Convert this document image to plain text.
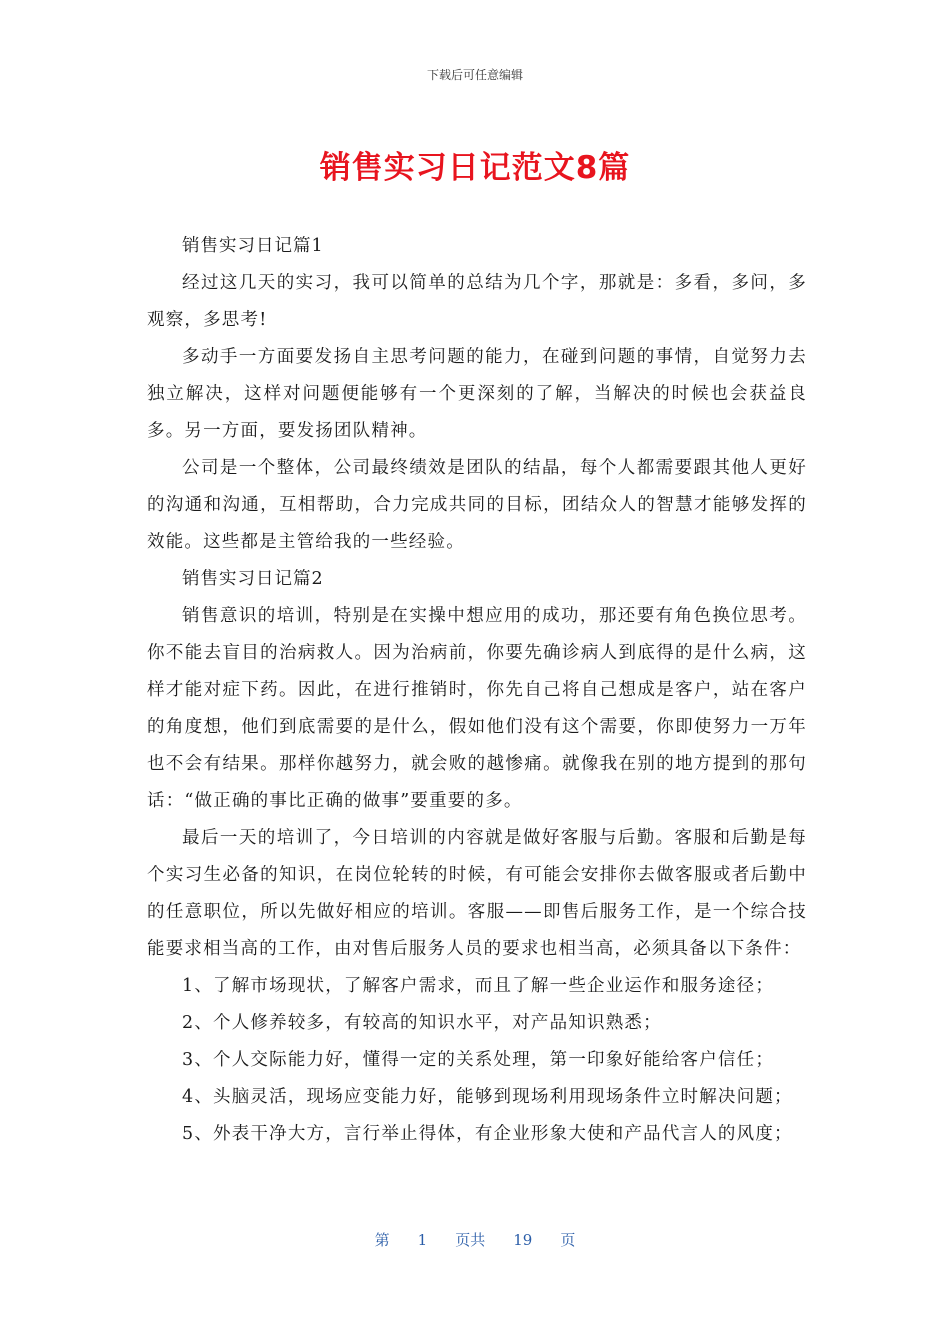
下载后可任意编辑
销售实习日记范文8篇

销售实习日记篇1

经过这几天的实习，我可以简单的总结为几个字，那就是：多看，多问，多观察，多思考!

多动手一方面要发扬自主思考问题的能力，在碰到问题的事情，自觉努力去独立解决，这样对问题便能够有一个更深刻的了解，当解决的时候也会获益良多。另一方面，要发扬团队精神。

公司是一个整体，公司最终绩效是团队的结晶，每个人都需要跟其他人更好的沟通和沟通，互相帮助，合力完成共同的目标，团结众人的智慧才能够发挥的效能。这些都是主管给我的一些经验。

销售实习日记篇2

销售意识的培训，特别是在实操中想应用的成功，那还要有角色换位思考。你不能去盲目的治病救人。因为治病前，你要先确诊病人到底得的是什么病，这样才能对症下药。因此，在进行推销时，你先自己将自己想成是客户，站在客户的角度想，他们到底需要的是什么，假如他们没有这个需要，你即使努力一万年也不会有结果。那样你越努力，就会败的越惨痛。就像我在别的地方提到的那句话：“做正确的事比正确的做事”要重要的多。

最后一天的培训了，今日培训的内容就是做好客服与后勤。客服和后勤是每个实习生必备的知识，在岗位轮转的时候，有可能会安排你去做客服或者后勤中的任意职位，所以先做好相应的培训。客服——即售后服务工作，是一个综合技能要求相当高的工作，由对售后服务人员的要求也相当高，必须具备以下条件：

1、了解市场现状，了解客户需求，而且了解一些企业运作和服务途径；

2、个人修养较多，有较高的知识水平，对产品知识熟悉；

3、个人交际能力好，懂得一定的关系处理，第一印象好能给客户信任；

4、头脑灵活，现场应变能力好，能够到现场利用现场条件立时解决问题；

5、外表干净大方，言行举止得体，有企业形象大使和产品代言人的风度；

第 1 页共 19 页
